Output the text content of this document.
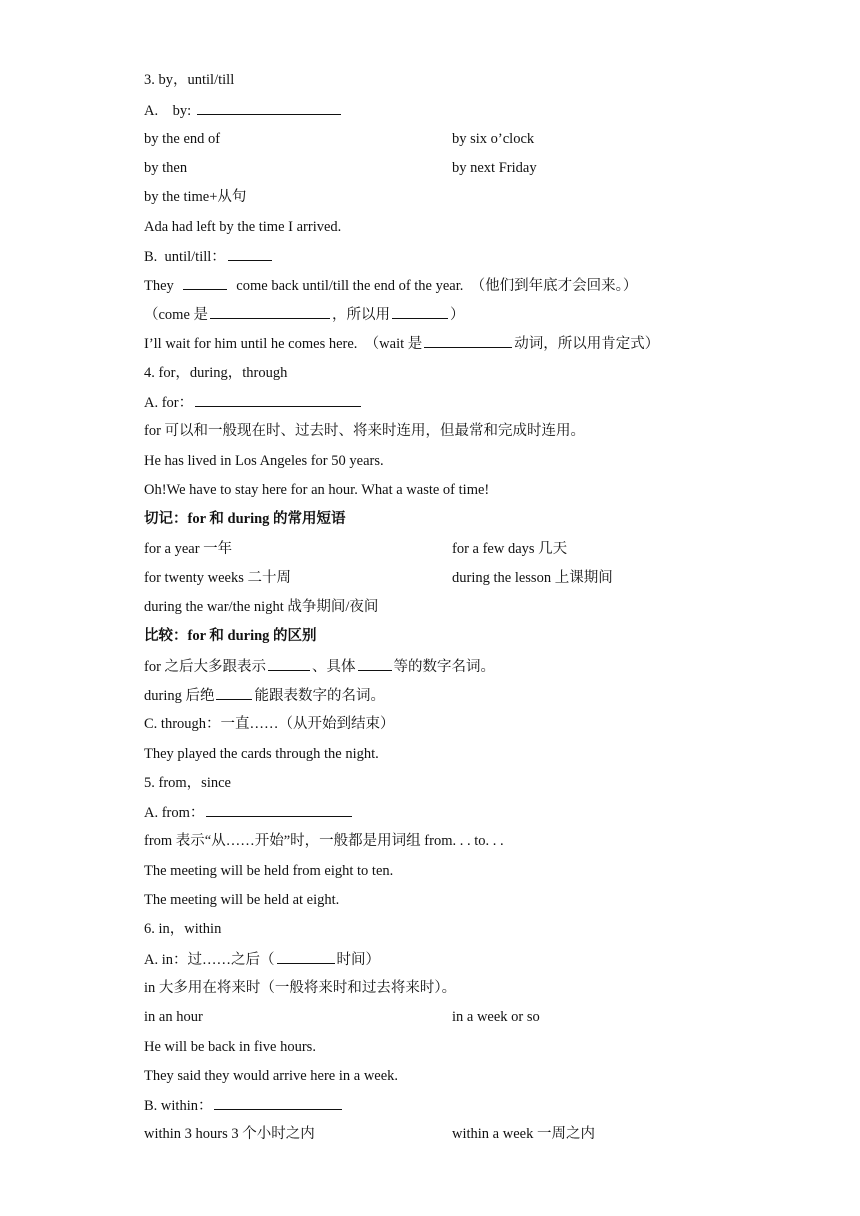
3. by，until/till
A.　by:
by the end of	by six o’clock
by then	by next Friday
by the time+从句
Ada had left by the time I arrived.
B.  until/till：
They	come back until/till the end of the year.  （他们到年底才会回来。）
（come 是	，所以用	）
I’ll wait for him until he comes here.  （wait 是	动词，所以用肯定式）
4. for，during，through
A. for：
for 可以和一般现在时、过去时、将来时连用，但最常和完成时连用。
He has lived in Los Angeles for 50 years.
Oh!We have to stay here for an hour. What a waste of time!
切记：for 和 during 的常用短语
for a year 一年	for a few days 几天
for twenty weeks 二十周	during the lesson 上课期间
during the war/the night 战争期间/夜间
比较：for 和 during 的区别
for 之后大多跟表示	、具体	等的数字名词。
during 后绝	能跟表数字的名词。
C. through：一直……（从开始到结束）
They played the cards through the night.
5. from，since
A. from：
from 表示“从……开始”时，一般都是用词组 from. . . to. . .
The meeting will be held from eight to ten.
The meeting will be held at eight.
6. in，within
A. in：过……之后（	时间）
in 大多用在将来时（一般将来时和过去将来时）。
in an hour	in a week or so
He will be back in five hours.
They said they would arrive here in a week.
B. within：
within 3 hours 3 个小时之内	within a week 一周之内
